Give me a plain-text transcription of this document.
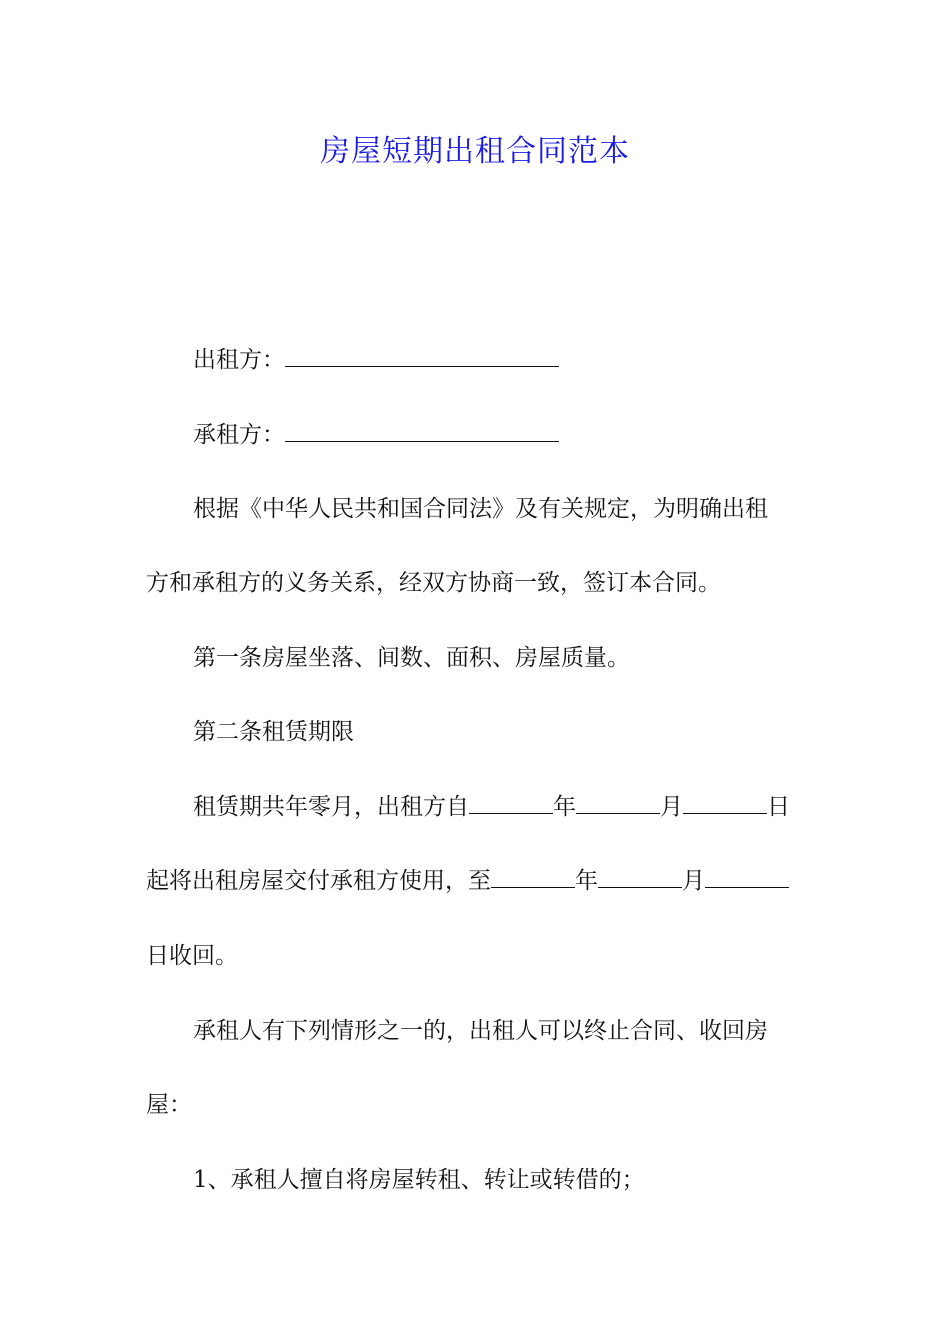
房屋短期出租合同范本
出租方：
承租方：
根据《中华人民共和国合同法》及有关规定，为明确出租
方和承租方的义务关系，经双方协商一致，签订本合同。
第一条房屋坐落、间数、面积、房屋质量。
第二条租赁期限
租赁期共年零月，出租方自	年	月	日
起将出租房屋交付承租方使用，至	年	月
日收回。
承租人有下列情形之一的，出租人可以终止合同、收回房
屋：
1、承租人擅自将房屋转租、转让或转借的；
